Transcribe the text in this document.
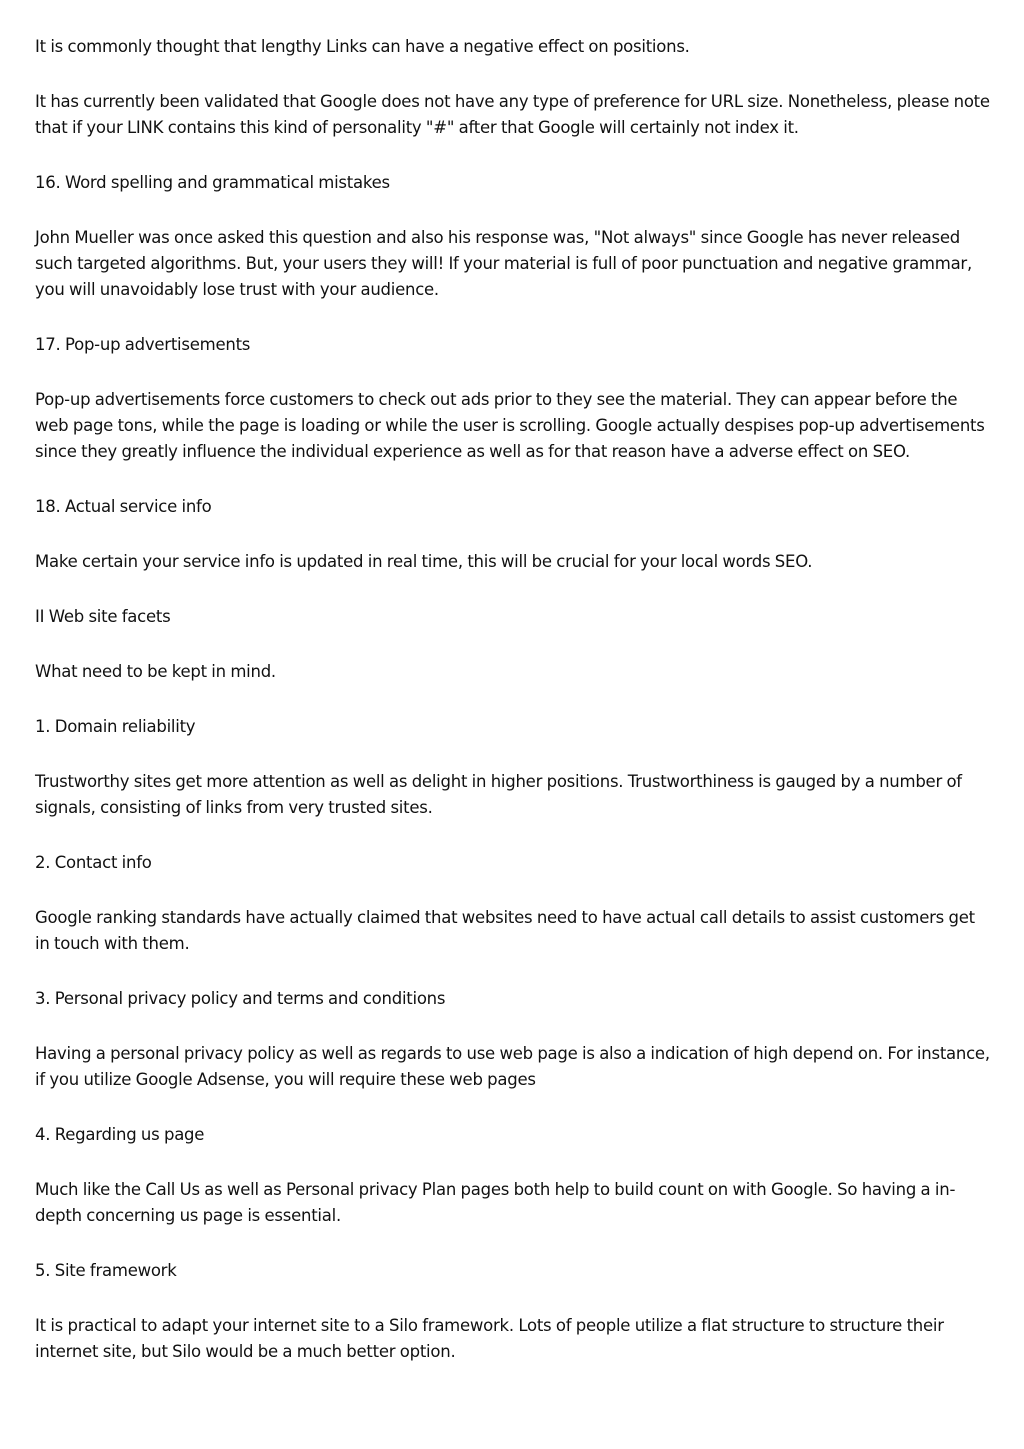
It is commonly thought that lengthy Links can have a negative effect on positions.

It has currently been validated that Google does not have any type of preference for URL size. Nonetheless, please note that if your LINK contains this kind of personality "#" after that Google will certainly not index it.

16. Word spelling and grammatical mistakes

John Mueller was once asked this question and also his response was, "Not always" since Google has never released such targeted algorithms. But, your users they will! If your material is full of poor punctuation and negative grammar, you will unavoidably lose trust with your audience.

17. Pop-up advertisements

Pop-up advertisements force customers to check out ads prior to they see the material. They can appear before the web page tons, while the page is loading or while the user is scrolling. Google actually despises pop-up advertisements since they greatly influence the individual experience as well as for that reason have a adverse effect on SEO.

18. Actual service info

Make certain your service info is updated in real time, this will be crucial for your local words SEO.

II Web site facets

What need to be kept in mind.

1. Domain reliability

Trustworthy sites get more attention as well as delight in higher positions. Trustworthiness is gauged by a number of signals, consisting of links from very trusted sites.

2. Contact info

Google ranking standards have actually claimed that websites need to have actual call details to assist customers get in touch with them.

3. Personal privacy policy and terms and conditions

Having a personal privacy policy as well as regards to use web page is also a indication of high depend on. For instance, if you utilize Google Adsense, you will require these web pages

4. Regarding us page

Much like the Call Us as well as Personal privacy Plan pages both help to build count on with Google. So having a in-depth concerning us page is essential.

5. Site framework

It is practical to adapt your internet site to a Silo framework. Lots of people utilize a flat structure to structure their internet site, but Silo would be a much better option.
